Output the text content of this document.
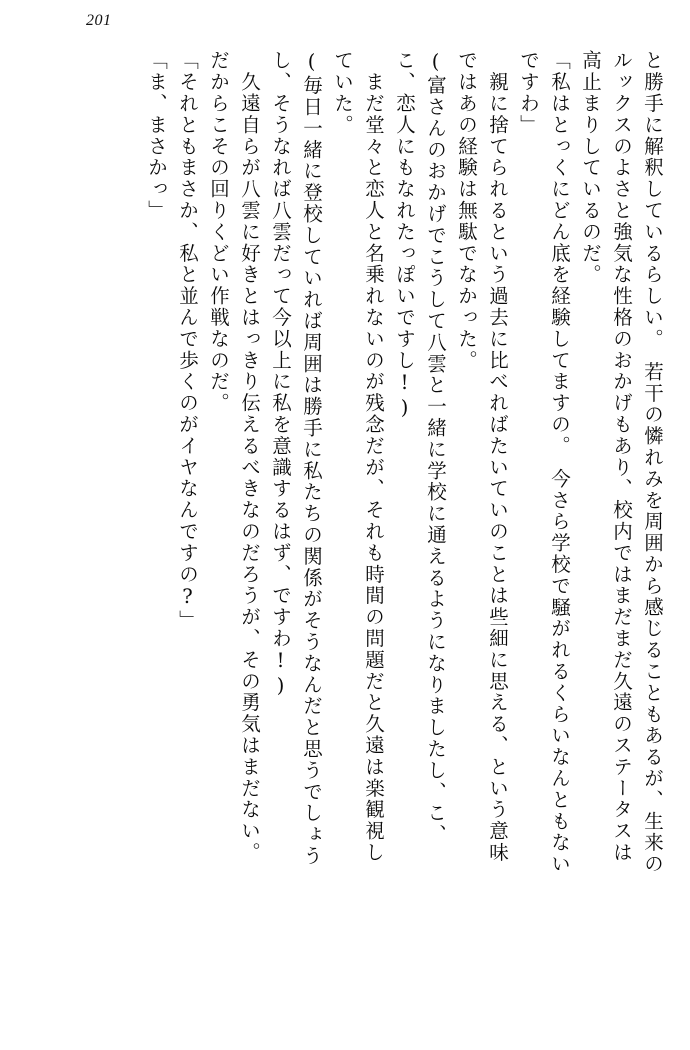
201
と勝手に解釈しているらしい。　若干の憐れみを周囲から感じることもあるが、生来の
ルックスのよさと強気な性格のおかげもあり、校内ではまだまだ久遠のステータスは
高止まりしているのだ。
「私はとっくにどん底を経験してますの。　今さら学校で騒がれるくらいなんともない
ですわ」
　親に捨てられるという過去に比べればたいていのことは些細に思える、という意味
ではあの経験は無駄でなかった。
(富さんのおかげでこうして八雲と一緒に学校に通えるようになりましたし、こ、
こ、恋人にもなれたっぽいですし!)
　まだ堂々と恋人と名乗れないのが残念だが、それも時間の問題だと久遠は楽観視し
ていた。
(毎日一緒に登校していれば周囲は勝手に私たちの関係がそうなんだと思うでしょう
し、そうなれば八雲だって今以上に私を意識するはず、ですわ!)
　久遠自らが八雲に好きとはっきり伝えるべきなのだろうが、その勇気はまだない。
だからこその回りくどい作戦なのだ。
「それともまさか、私と並んで歩くのがイヤなんですの?」
「ま、まさかっ」
